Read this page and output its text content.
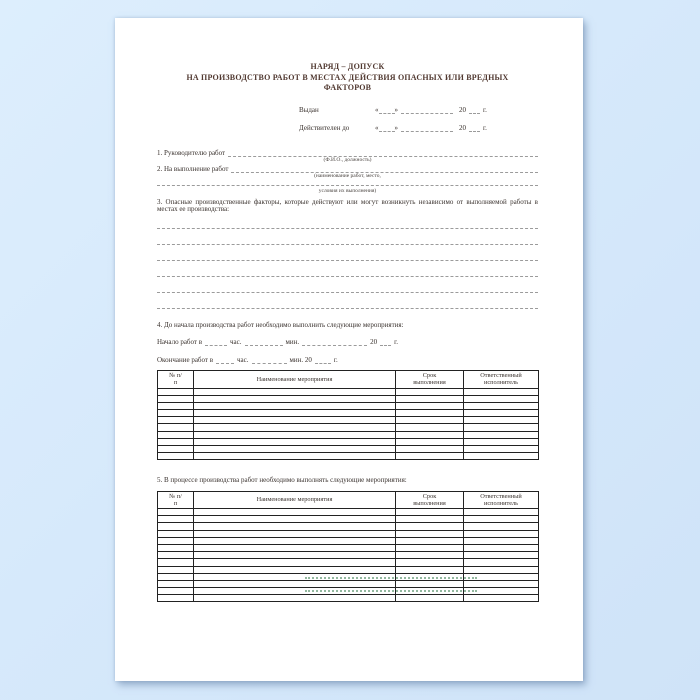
НАРЯД – ДОПУСК
НА ПРОИЗВОДСТВО РАБОТ В МЕСТАХ ДЕЙСТВИЯ ОПАСНЫХ ИЛИ ВРЕДНЫХ
ФАКТОРОВ
Выдан	« »	20 г.
Действителен до	« »	20 г.
1. Руководителю работ
(Ф.И.О., должность)
2. На выполнение работ
(наименование работ, место,
условия их выполнения)
3. Опасные производственные факторы, которые действуют или могут возникнуть независимо от выполняемой работы в местах ее производства:
4. До начала производства работ необходимо выполнить следующие мероприятия:
Начало работ в	час.	мин.	20 г.
Окончание работ в	час.	мин. 20	г.
№ п/п	Наименование мероприятия	Срок выполнения	Ответственный исполнитель

5. В процессе производства работ необходимо выполнять следующие мероприятия:
№ п/п	Наименование мероприятия	Срок выполнения	Ответственный исполнитель
